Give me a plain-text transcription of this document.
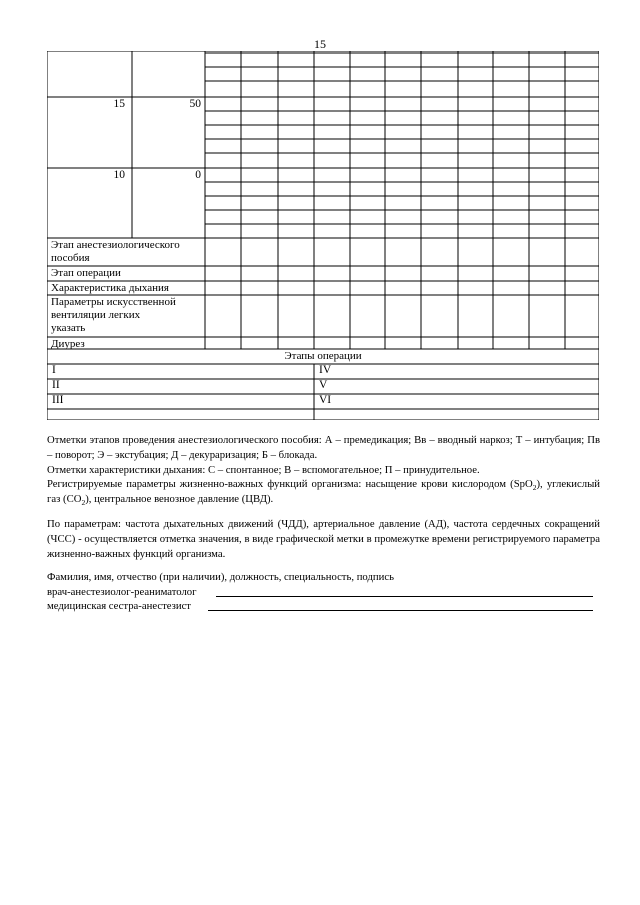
15
15	50
10	0
Этап анестезиологического
пособия
Этап операции
Характеристика дыхания
Параметры искусственной
вентиляции легких
указать
Диурез
Этапы операции
I
II
III
IV
V
VI

Отметки этапов проведения анестезиологического пособия: А – премедикация; Вв – вводный наркоз; Т – интубация; Пв – поворот; Э – экстубация; Д – декураризация; Б – блокада.

Отметки характеристики дыхания: С – спонтанное; В – вспомогательное; П – принудительное.

Регистрируемые параметры жизненно-важных функций организма: насыщение крови кислородом (SpO$_2$), углекислый газ $(CO_2)$, центральное венозное давление (ЦВД).

По параметрам: частота дыхательных движений (ЧДД), артериальное давление (АД), частота сердечных сокращений (ЧСС) - осуществляется отметка значения, в виде графической метки в промежутке времени регистрируемого параметра жизненно-важных функций организма.
Фамилия, имя, отчество (при наличии), должность, специальность, подпись
врач-анестезиолог-реаниматолог
медицинская сестра-анестезист
